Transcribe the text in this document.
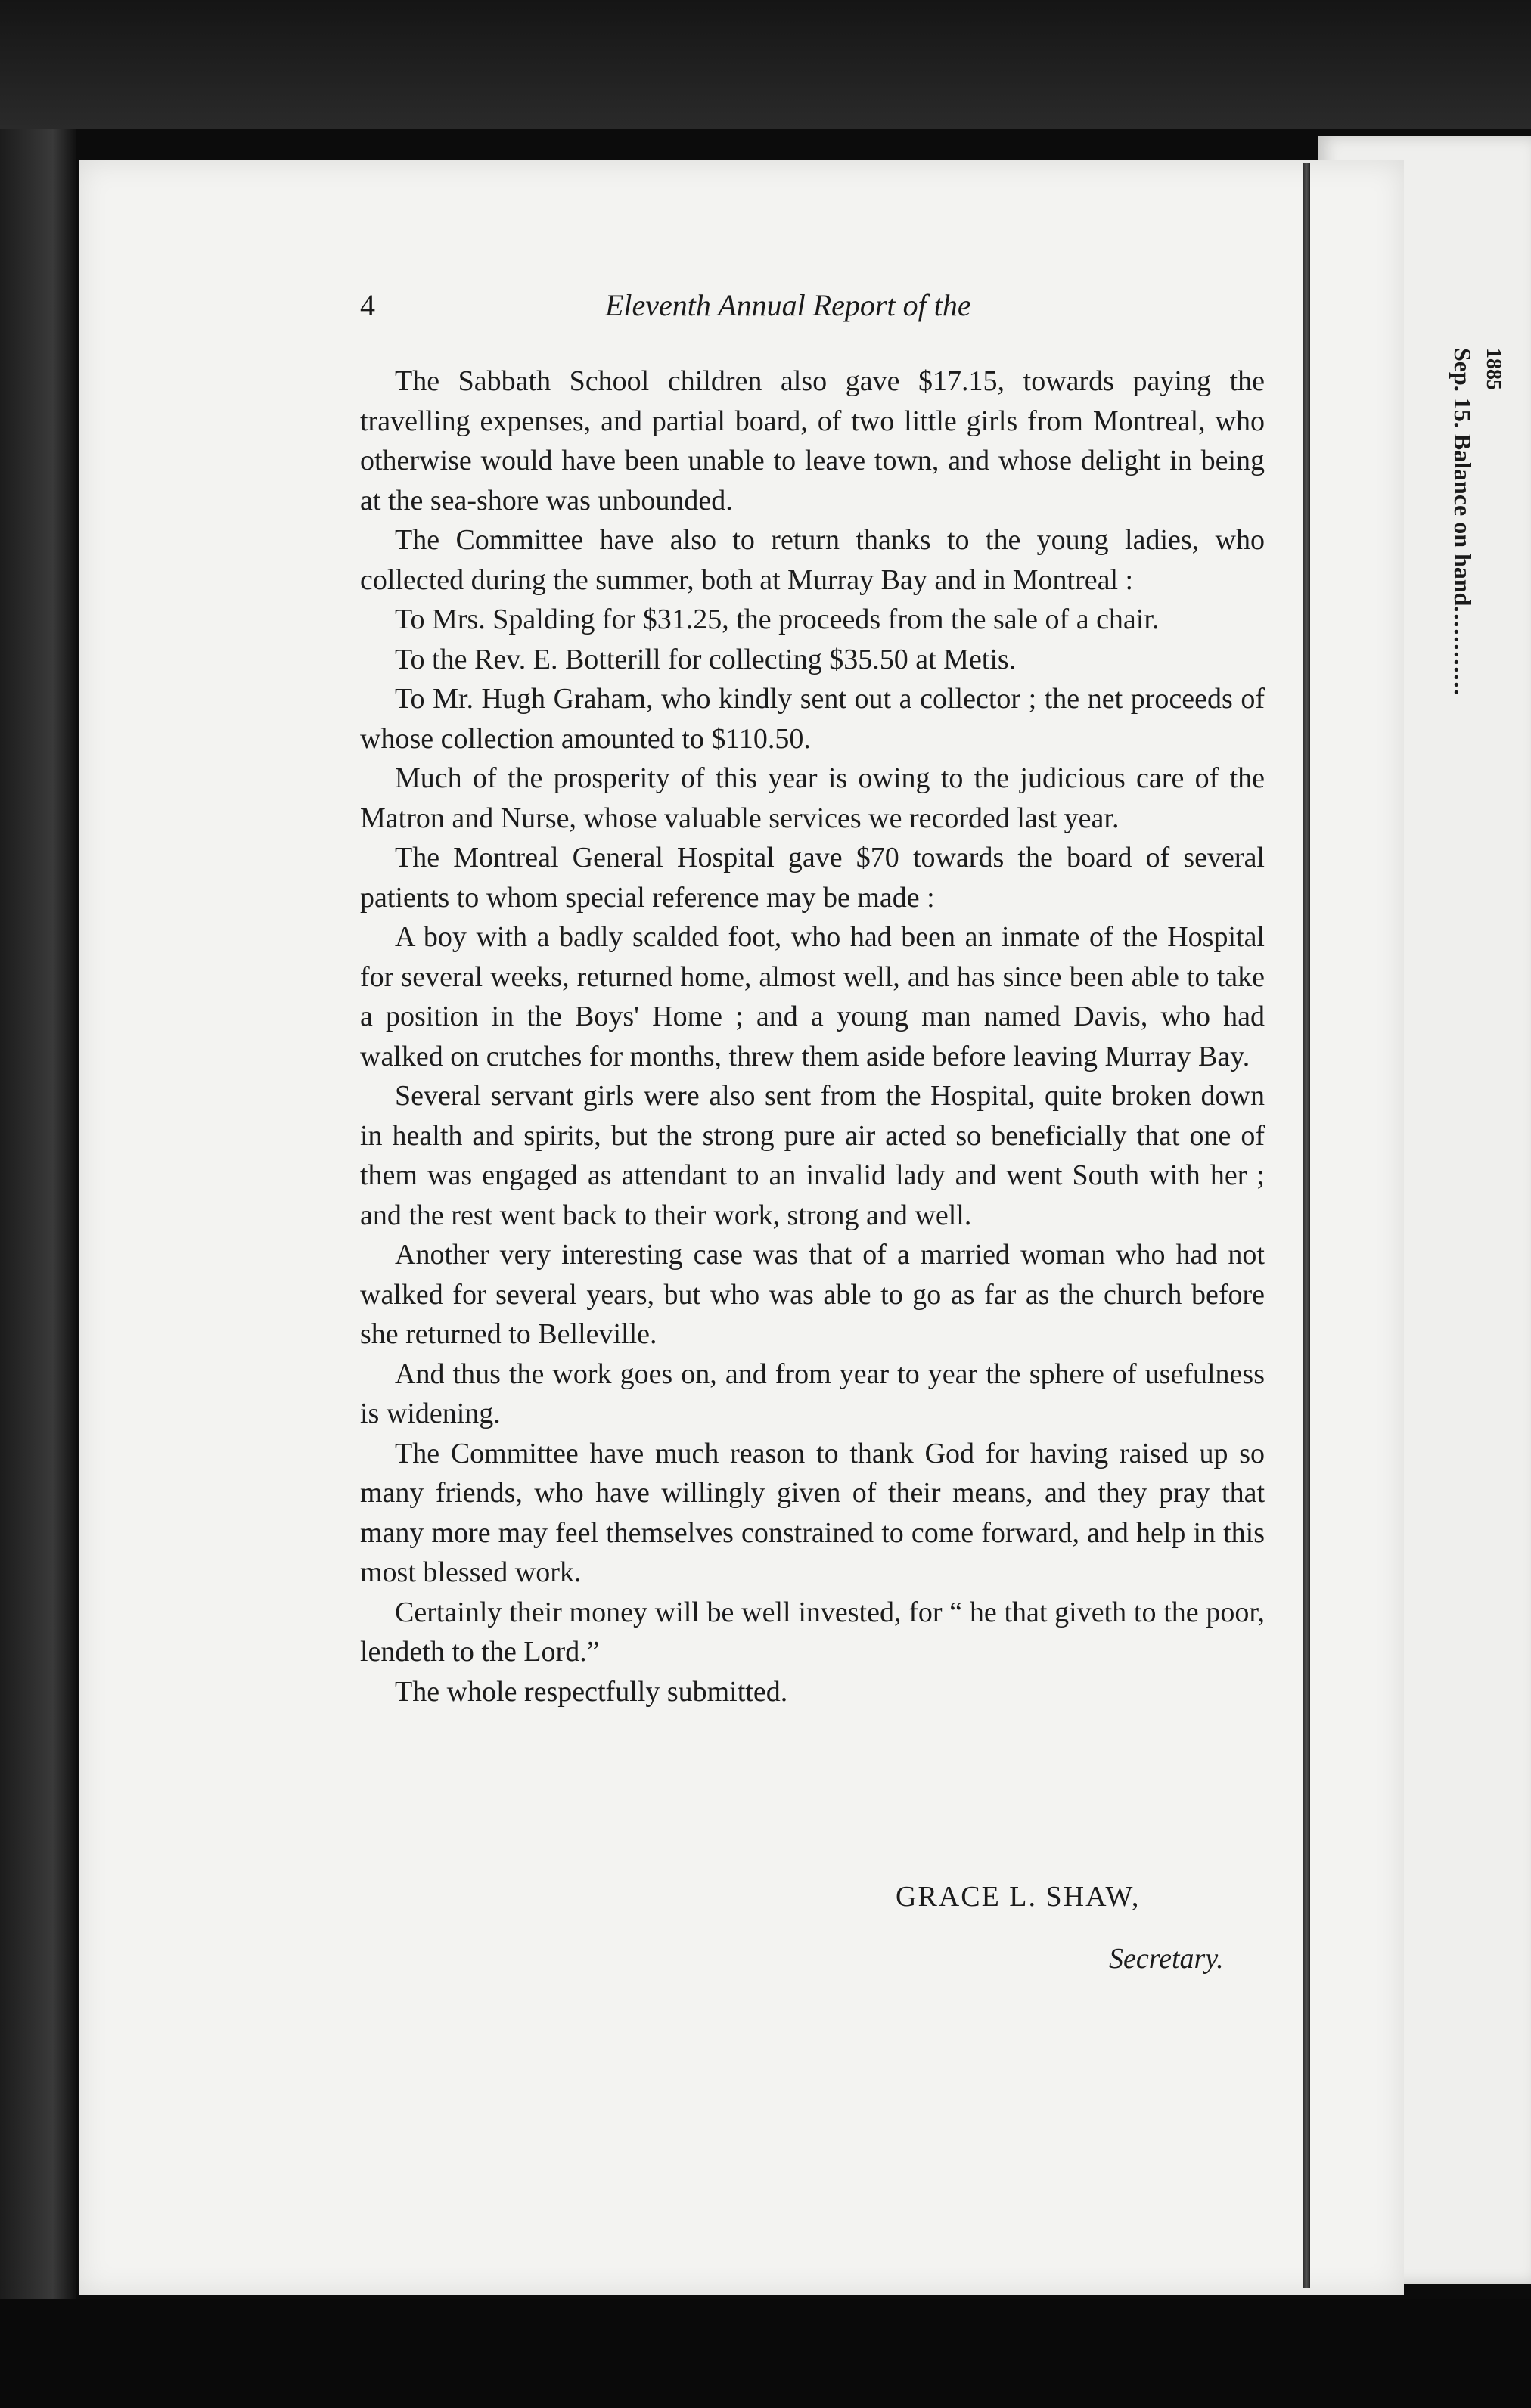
1885
Sep. 15. Balance on hand............
4	Eleventh Annual Report of the

The Sabbath School children also gave $17.15, towards paying the travelling expenses, and partial board, of two little girls from Montreal, who otherwise would have been unable to leave town, and whose delight in being at the sea-shore was unbounded.

The Committee have also to return thanks to the young ladies, who collected during the summer, both at Murray Bay and in Montreal :

To Mrs. Spalding for $31.25, the proceeds from the sale of a chair.

To the Rev. E. Botterill for collecting $35.50 at Metis.

To Mr. Hugh Graham, who kindly sent out a collector ; the net proceeds of whose collection amounted to $110.50.

Much of the prosperity of this year is owing to the judicious care of the Matron and Nurse, whose valuable services we recorded last year.

The Montreal General Hospital gave $70 towards the board of several patients to whom special reference may be made :

A boy with a badly scalded foot, who had been an inmate of the Hospital for several weeks, returned home, almost well, and has since been able to take a position in the Boys' Home ; and a young man named Davis, who had walked on crutches for months, threw them aside before leaving Murray Bay.

Several servant girls were also sent from the Hospital, quite broken down in health and spirits, but the strong pure air acted so beneficially that one of them was engaged as attendant to an invalid lady and went South with her ; and the rest went back to their work, strong and well.

Another very interesting case was that of a married woman who had not walked for several years, but who was able to go as far as the church before she returned to Belleville.

And thus the work goes on, and from year to year the sphere of usefulness is widening.

The Committee have much reason to thank God for having raised up so many friends, who have willingly given of their means, and they pray that many more may feel themselves constrained to come forward, and help in this most blessed work.

Certainly their money will be well invested, for “ he that giveth to the poor, lendeth to the Lord.”

The whole respectfully submitted.

GRACE L. SHAW,
Secretary.
